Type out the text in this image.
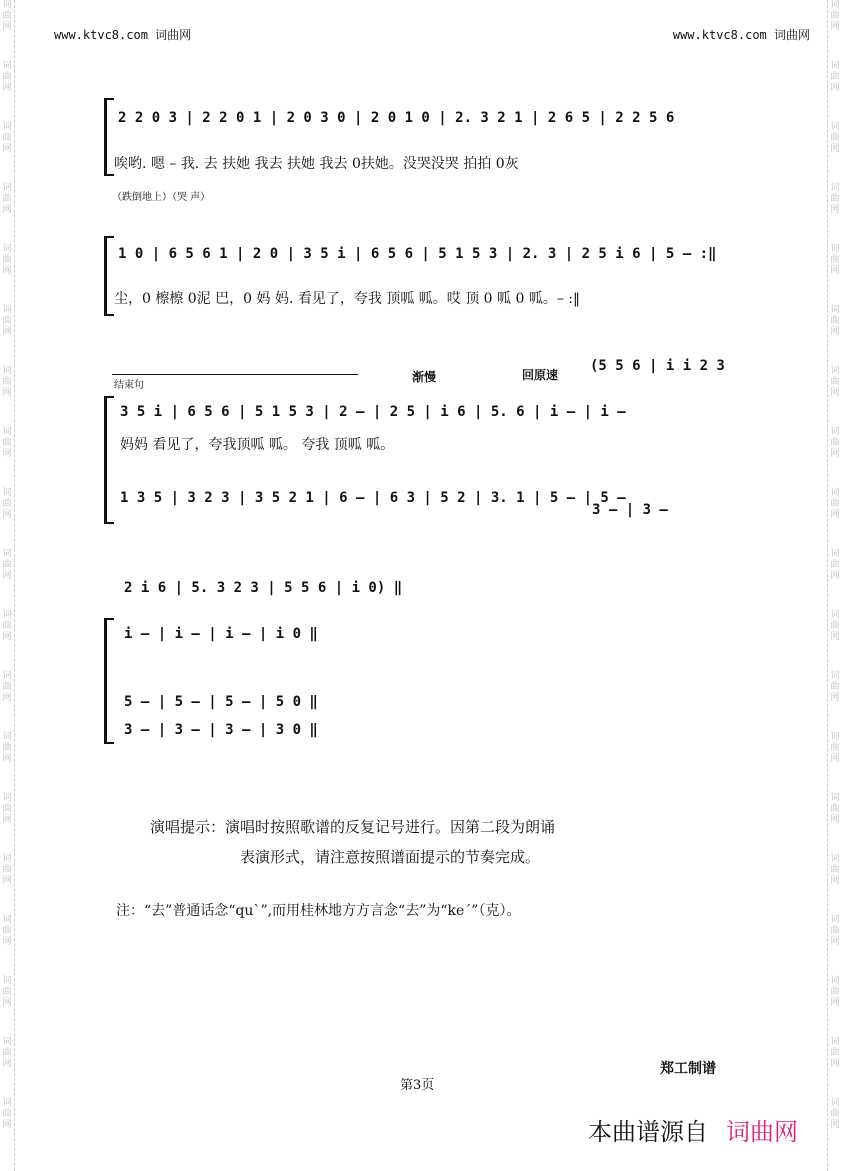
www.ktvc8.com 词曲网	www.ktvc8.com 词曲网
词
曲
网
词
曲
网
词
曲
网
词
曲
网
词
曲
网
词
曲
网
词
曲
网
词
曲
网
词
曲
网
词
曲
网
词
曲
网
词
曲
网
词
曲
网
词
曲
网
词
曲
网
词
曲
网
词
曲
网
词
曲
网
词
曲
网
词
曲
网
词
曲
网
词
曲
网
词
曲
网
词
曲
网
词
曲
网
词
曲
网
词
曲
网
词
曲
网
词
曲
网
词
曲
网
词
曲
网
词
曲
网
词
曲
网
词
曲
网
词
曲
网
词
曲
网
词
曲
网
词
曲
网
2 2 0 3 | 2 2 0 1 | 2 0 3 0 | 2 0 1 0 | 2. 3 2 1 | 2 6 5 | 2 2 5 6
唉哟. 嗯 – 我. 去 扶她 我去 扶她 我去 0扶她。没哭没哭 拍拍 0灰
（跌倒地上）（哭 声）
1 0 | 6 5 6 1 | 2 0 | 3 5 i | 6 5 6 | 5 1 5 3 | 2. 3 | 2 5 i 6 | 5 – :‖
尘，0 檫檫 0泥 巴，0 妈 妈. 看见了，夸我 顶呱 呱。哎 顶 0 呱 0 呱。– :‖
结束句
渐慢	回原速
(5 5 6 | i i 2 3
3 5 i | 6 5 6 | 5 1 5 3 | 2 – | 2 5 | i 6 | 5. 6 | i – | i –
妈妈 看见了，夸我顶呱 呱。 夸我 顶呱 呱。
1 3 5 | 3 2 3 | 3 5 2 1 | 6 – | 6 3 | 5 2 | 3. 1 | 5 – | 5 –
3 – | 3 –
2 i 6 | 5. 3 2 3 | 5 5 6 | i 0) ‖
i – | i – | i – | i 0 ‖
5 – | 5 – | 5 – | 5 0 ‖
3 – | 3 – | 3 – | 3 0 ‖
演唱提示：演唱时按照歌谱的反复记号进行。因第二段为朗诵
表演形式，请注意按照谱面提示的节奏完成。
注：“去”普通话念“qu`”,而用桂林地方方言念“去”为“ke´”（克）。
郑工制谱
第3页
本曲谱源自 词曲网
